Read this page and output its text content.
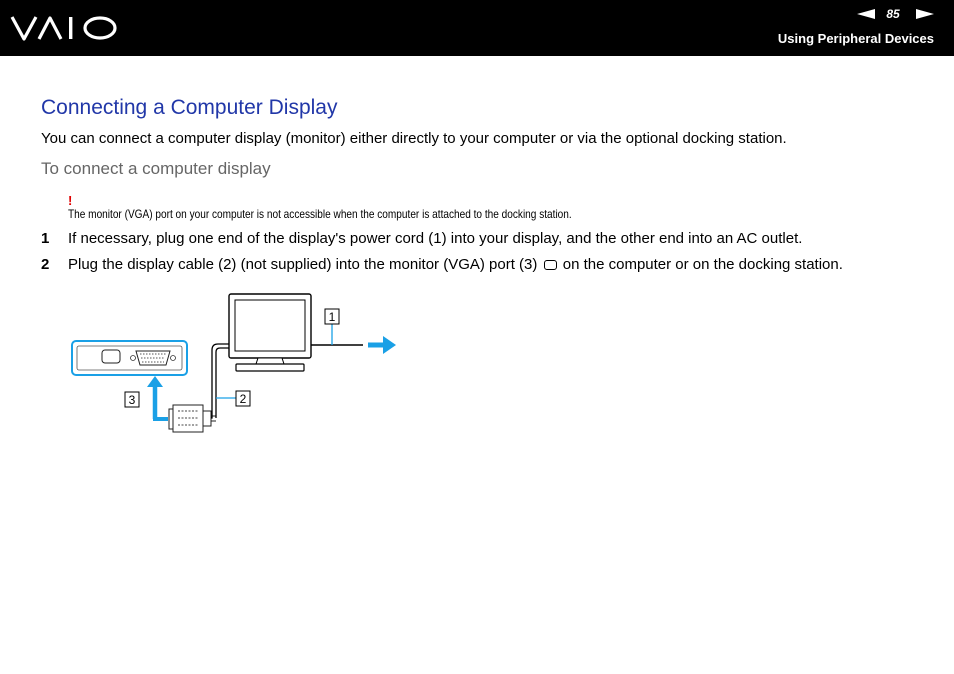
85
Using Peripheral Devices
Connecting a Computer Display

You can connect a computer display (monitor) either directly to your computer or via the optional docking station.

To connect a computer display
!
The monitor (VGA) port on your computer is not accessible when the computer is attached to the docking station.
1 If necessary, plug one end of the display's power cord (1) into your display, and the other end into an AC outlet.
2 Plug the display cable (2) (not supplied) into the monitor (VGA) port (3) on the computer or on the docking station.
3	2
1
